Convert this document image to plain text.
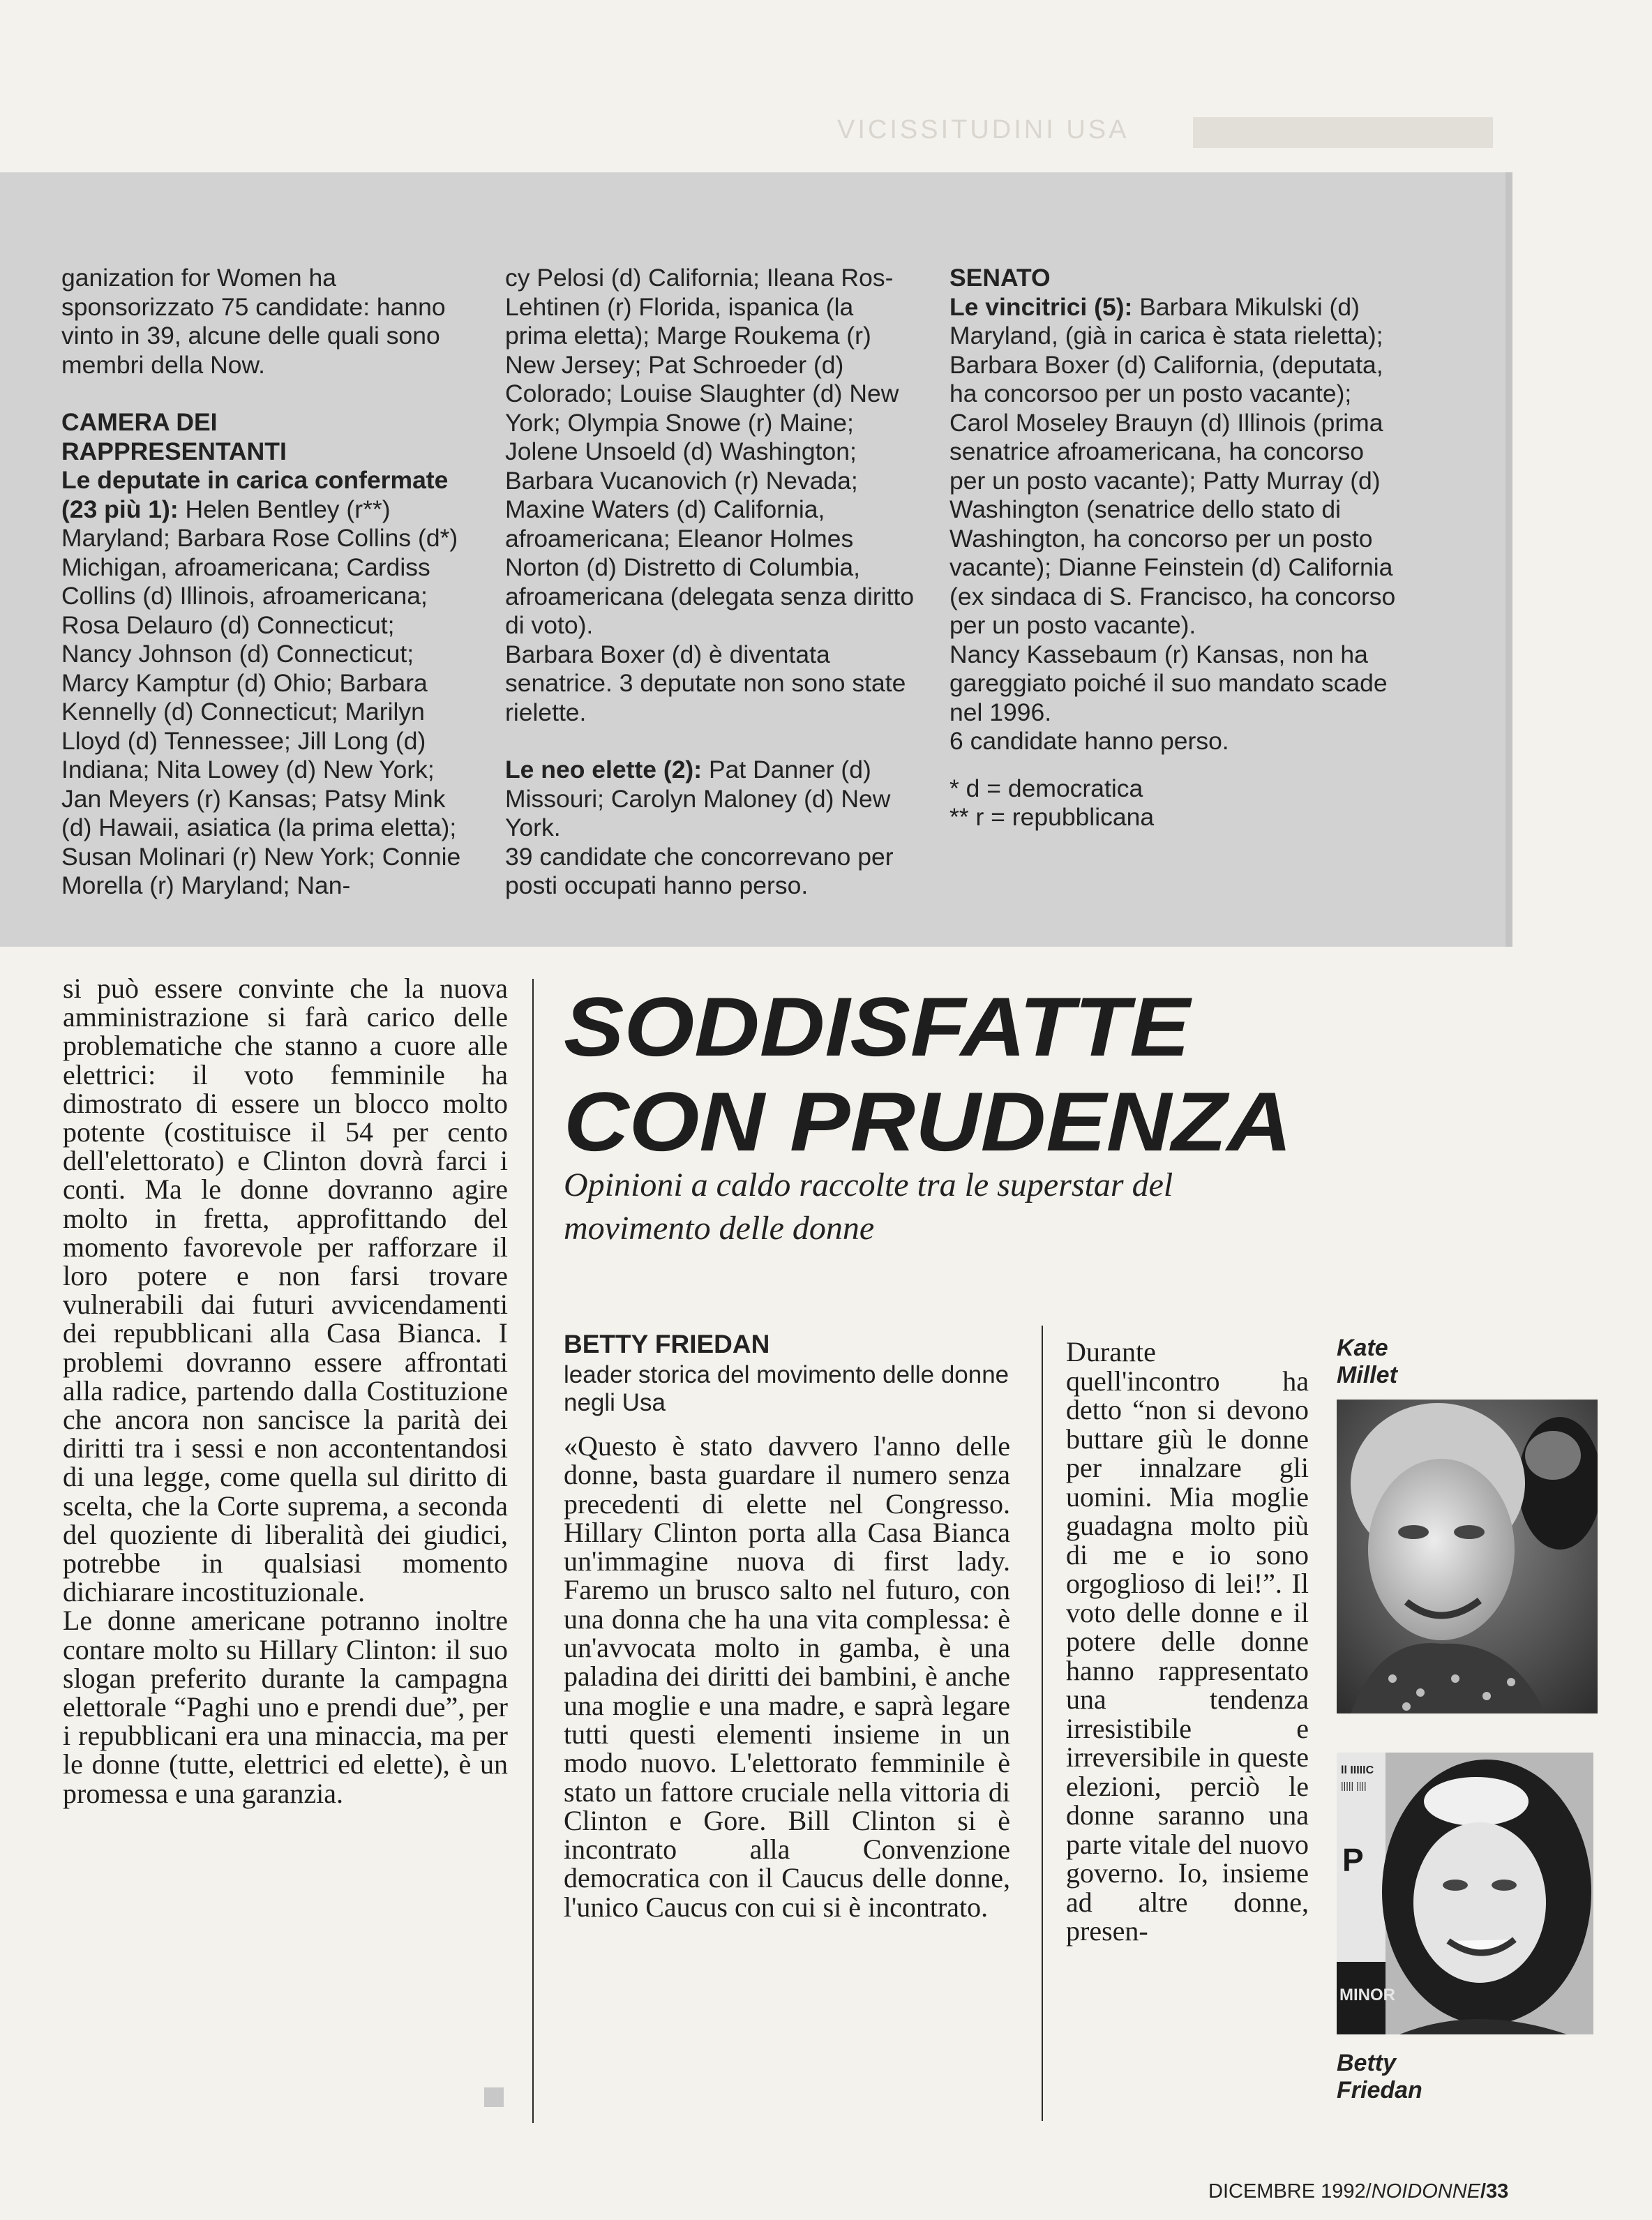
VICISSITUDINI USA

ganization for Women ha sponsorizzato 75 candidate: hanno vinto in 39, alcune delle quali sono membri della Now.

CAMERA DEI RAPPRESENTANTI

Le deputate in carica confermate (23 più 1): Helen Bentley (r**) Maryland; Barbara Rose Collins (d*) Michigan, afroamericana; Cardiss Collins (d) Illinois, afroamericana; Rosa Delauro (d) Connecticut; Nancy Johnson (d) Connecticut; Marcy Kamptur (d) Ohio; Barbara Kennelly (d) Connecticut; Marilyn Lloyd (d) Tennessee; Jill Long (d) Indiana; Nita Lowey (d) New York; Jan Meyers (r) Kansas; Patsy Mink (d) Hawaii, asiatica (la prima eletta); Susan Molinari (r) New York; Connie Morella (r) Maryland; Nan-

cy Pelosi (d) California; Ileana Ros-Lehtinen (r) Florida, ispanica (la prima eletta); Marge Roukema (r) New Jersey; Pat Schroeder (d) Colorado; Louise Slaughter (d) New York; Olympia Snowe (r) Maine; Jolene Unsoeld (d) Washington; Barbara Vucanovich (r) Nevada; Maxine Waters (d) California, afroamericana; Eleanor Holmes Norton (d) Distretto di Columbia, afroamericana (delegata senza diritto di voto).

Barbara Boxer (d) è diventata senatrice. 3 deputate non sono state rielette.

Le neo elette (2): Pat Danner (d) Missouri; Carolyn Maloney (d) New York.

39 candidate che concorrevano per posti occupati hanno perso.

SENATO

Le vincitrici (5): Barbara Mikulski (d) Maryland, (già in carica è stata rieletta); Barbara Boxer (d) California, (deputata, ha concorsoo per un posto vacante); Carol Moseley Brauyn (d) Illinois (prima senatrice afroamericana, ha concorso per un posto vacante); Patty Murray (d) Washington (senatrice dello stato di Washington, ha concorso per un posto vacante); Dianne Feinstein (d) California (ex sindaca di S. Francisco, ha concorso per un posto vacante).

Nancy Kassebaum (r) Kansas, non ha gareggiato poiché il suo mandato scade nel 1996.

6 candidate hanno perso.

* d = democratica

** r = repubblicana

si può essere convinte che la nuova amministrazione si farà carico delle problematiche che stanno a cuore alle elettrici: il voto femminile ha dimostrato di essere un blocco molto potente (costituisce il 54 per cento dell'elettorato) e Clinton dovrà farci i conti. Ma le donne dovranno agire molto in fretta, approfittando del momento favorevole per rafforzare il loro potere e non farsi trovare vulnerabili dai futuri avvicendamenti dei repubblicani alla Casa Bianca. I problemi dovranno essere affrontati alla radice, partendo dalla Costituzione che ancora non sancisce la parità dei diritti tra i sessi e non accontentandosi di una legge, come quella sul diritto di scelta, che la Corte suprema, a seconda del quoziente di liberalità dei giudici, potrebbe in qualsiasi momento dichiarare incostituzionale.

Le donne americane potranno inoltre contare molto su Hillary Clinton: il suo slogan preferito durante la campagna elettorale “Paghi uno e prendi due”, per i repubblicani era una minaccia, ma per le donne (tutte, elettrici ed elette), è un promessa e una garanzia.

SODDISFATTE
CON PRUDENZA
Opinioni a caldo raccolte tra le superstar del movimento delle donne
BETTY FRIEDAN
leader storica del movimento delle donne negli Usa
«Questo è stato davvero l'anno delle donne, basta guardare il numero senza precedenti di elette nel Congresso. Hillary Clinton porta alla Casa Bianca un'immagine nuova di first lady. Faremo un brusco salto nel futuro, con una donna che ha una vita complessa: è un'avvocata molto in gamba, è una paladina dei diritti dei bambini, è anche una moglie e una madre, e saprà legare tutti questi elementi insieme in un modo nuovo. L'elettorato femminile è stato un fattore cruciale nella vittoria di Clinton e Gore. Bill Clinton si è incontrato alla Convenzione democratica con il Caucus delle donne, l'unico Caucus con cui si è incontrato.
Durante quell'incontro ha detto “non si devono buttare giù le donne per innalzare gli uomini. Mia moglie guadagna molto più di me e io sono orgoglioso di lei!”. Il voto delle donne e il potere delle donne hanno rappresentato una tendenza irresistibile e irreversibile in queste elezioni, perciò le donne saranno una parte vitale del nuovo governo. Io, insieme ad altre donne, presen-
Kate Millet
ll IIIIIC
||||| ||||
P
MINOR
Betty Friedan
DICEMBRE 1992/NOIDONNE/33
